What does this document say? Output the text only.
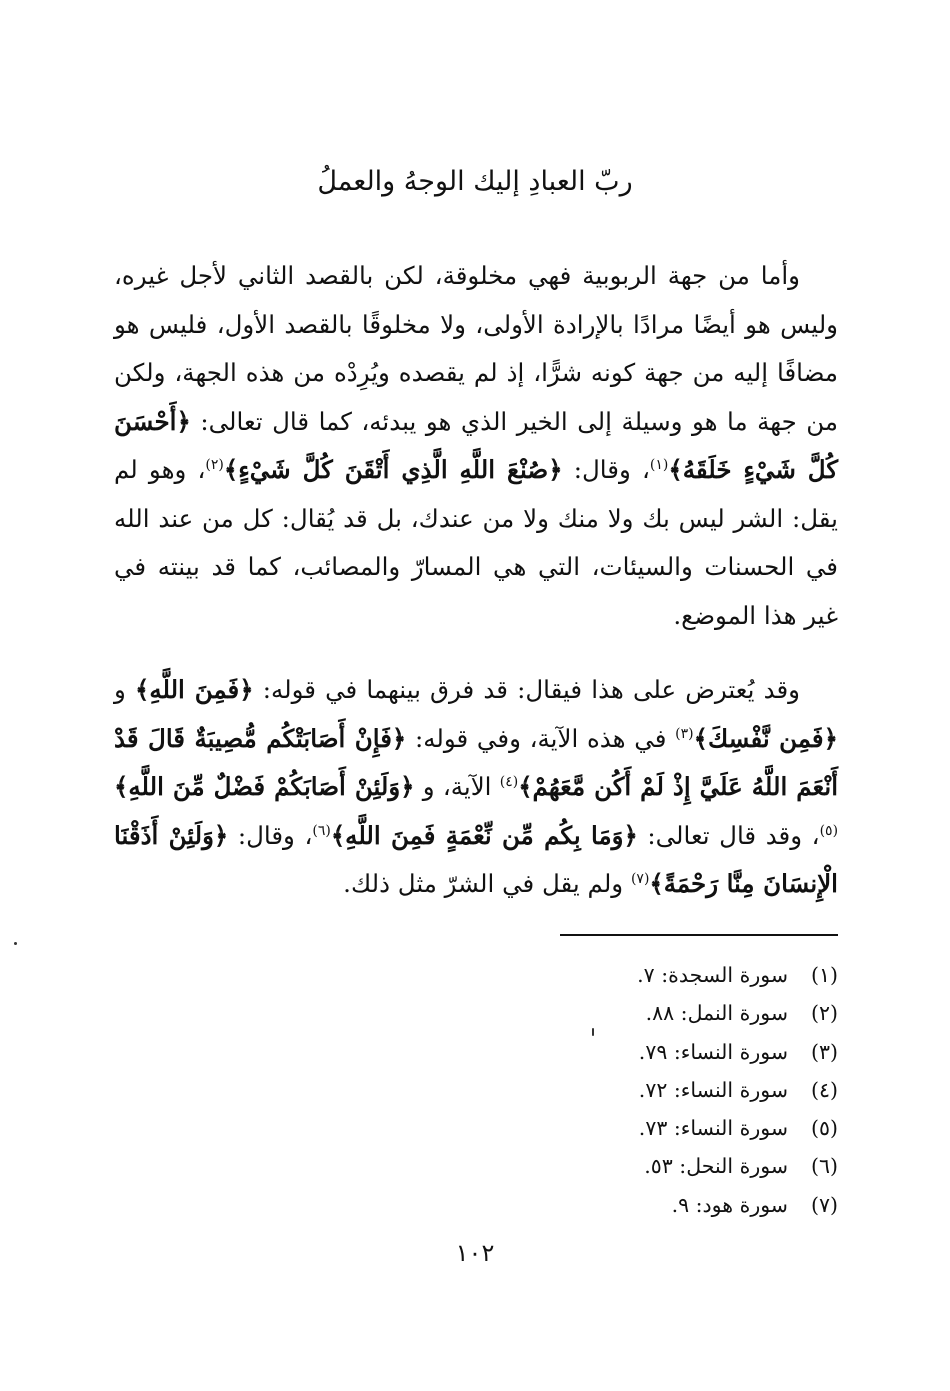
ربّ العبادِ إليك الوجهُ والعملُ

وأما من جهة الربوبية فهي مخلوقة، لكن بالقصد الثاني لأجل غيره، وليس هو أيضًا مرادًا بالإرادة الأولى، ولا مخلوقًا بالقصد الأول، فليس هو مضافًا إليه من جهة كونه شرًّا، إذ لم يقصده ويُرِدْه من هذه الجهة، ولكن من جهة ما هو وسيلة إلى الخير الذي هو يبدئه، كما قال تعالى: ﴿أَحْسَنَ كُلَّ شَيْءٍ خَلَقَهُ﴾$^{(١)}$، وقال: ﴿صُنْعَ اللَّهِ الَّذِي أَتْقَنَ كُلَّ شَيْءٍ﴾$^{(٢)}$، وهو لم يقل: الشر ليس بك ولا منك ولا من عندك، بل قد يُقال: كل من عند الله في الحسنات والسيئات، التي هي المسارّ والمصائب، كما قد بينته في غير هذا الموضع.

وقد يُعترض على هذا فيقال: قد فرق بينهما في قوله: ﴿فَمِنَ اللَّهِ﴾ و ﴿فَمِن نَّفْسِكَ﴾$^{(٣)}$ في هذه الآية، وفي قوله: ﴿فَإِنْ أَصَابَتْكُم مُّصِيبَةٌ قَالَ قَدْ أَنْعَمَ اللَّهُ عَلَيَّ إِذْ لَمْ أَكُن مَّعَهُمْ﴾$^{(٤)}$ الآية، و ﴿وَلَئِنْ أَصَابَكُمْ فَضْلٌ مِّنَ اللَّهِ﴾$^{(٥)}$، وقد قال تعالى: ﴿وَمَا بِكُم مِّن نِّعْمَةٍ فَمِنَ اللَّهِ﴾$^{(٦)}$، وقال: ﴿وَلَئِنْ أَذَقْنَا الْإِنسَانَ مِنَّا رَحْمَةً﴾$^{(٧)}$ ولم يقل في الشرّ مثل ذلك.

(١)
سورة السجدة: ٧.
(٢)
سورة النمل: ٨٨.
(٣)
سورة النساء: ٧٩.
(٤)
سورة النساء: ٧٢.
(٥)
سورة النساء: ٧٣.
(٦)
سورة النحل: ٥٣.
(٧)
سورة هود: ٩.
١٠٢
